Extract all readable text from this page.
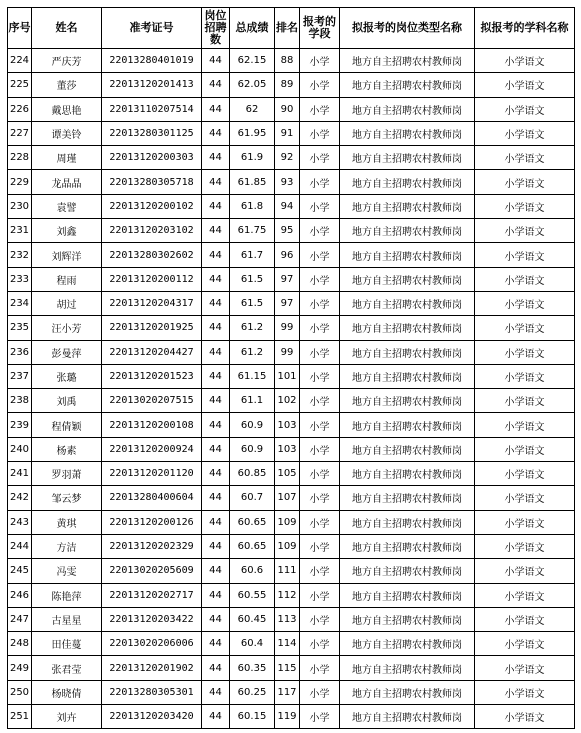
序号	姓名	准考证号	岗位招聘数	总成绩	排名	报考的学段	拟报考的岗位类型名称	拟报考的学科名称
224	严庆芳	22013280401019	44	62.15	88	小学	地方自主招聘农村教师岗	小学语文
225	董莎	22013120201413	44	62.05	89	小学	地方自主招聘农村教师岗	小学语文
226	戴思艳	22013110207514	44	62	90	小学	地方自主招聘农村教师岗	小学语文
227	谭美铃	22013280301125	44	61.95	91	小学	地方自主招聘农村教师岗	小学语文
228	周瑾	22013120200303	44	61.9	92	小学	地方自主招聘农村教师岗	小学语文
229	龙晶晶	22013280305718	44	61.85	93	小学	地方自主招聘农村教师岗	小学语文
230	袁譬	22013120200102	44	61.8	94	小学	地方自主招聘农村教师岗	小学语文
231	刘鑫	22013120203102	44	61.75	95	小学	地方自主招聘农村教师岗	小学语文
232	刘辉洋	22013280302602	44	61.7	96	小学	地方自主招聘农村教师岗	小学语文
233	程雨	22013120200112	44	61.5	97	小学	地方自主招聘农村教师岗	小学语文
234	胡过	22013120204317	44	61.5	97	小学	地方自主招聘农村教师岗	小学语文
235	汪小芳	22013120201925	44	61.2	99	小学	地方自主招聘农村教师岗	小学语文
236	彭曼萍	22013120204427	44	61.2	99	小学	地方自主招聘农村教师岗	小学语文
237	张璐	22013120201523	44	61.15	101	小学	地方自主招聘农村教师岗	小学语文
238	刘禹	22013020207515	44	61.1	102	小学	地方自主招聘农村教师岗	小学语文
239	程倩颖	22013120200108	44	60.9	103	小学	地方自主招聘农村教师岗	小学语文
240	杨素	22013120200924	44	60.9	103	小学	地方自主招聘农村教师岗	小学语文
241	罗羽萧	22013120201120	44	60.85	105	小学	地方自主招聘农村教师岗	小学语文
242	邹云梦	22013280400604	44	60.7	107	小学	地方自主招聘农村教师岗	小学语文
243	黄琪	22013120200126	44	60.65	109	小学	地方自主招聘农村教师岗	小学语文
244	方洁	22013120202329	44	60.65	109	小学	地方自主招聘农村教师岗	小学语文
245	冯雯	22013020205609	44	60.6	111	小学	地方自主招聘农村教师岗	小学语文
246	陈艳萍	22013120202717	44	60.55	112	小学	地方自主招聘农村教师岗	小学语文
247	古星星	22013120203422	44	60.45	113	小学	地方自主招聘农村教师岗	小学语文
248	田佳蔓	22013020206006	44	60.4	114	小学	地方自主招聘农村教师岗	小学语文
249	张君莹	22013120201902	44	60.35	115	小学	地方自主招聘农村教师岗	小学语文
250	杨晓倩	22013280305301	44	60.25	117	小学	地方自主招聘农村教师岗	小学语文
251	刘卉	22013120203420	44	60.15	119	小学	地方自主招聘农村教师岗	小学语文
